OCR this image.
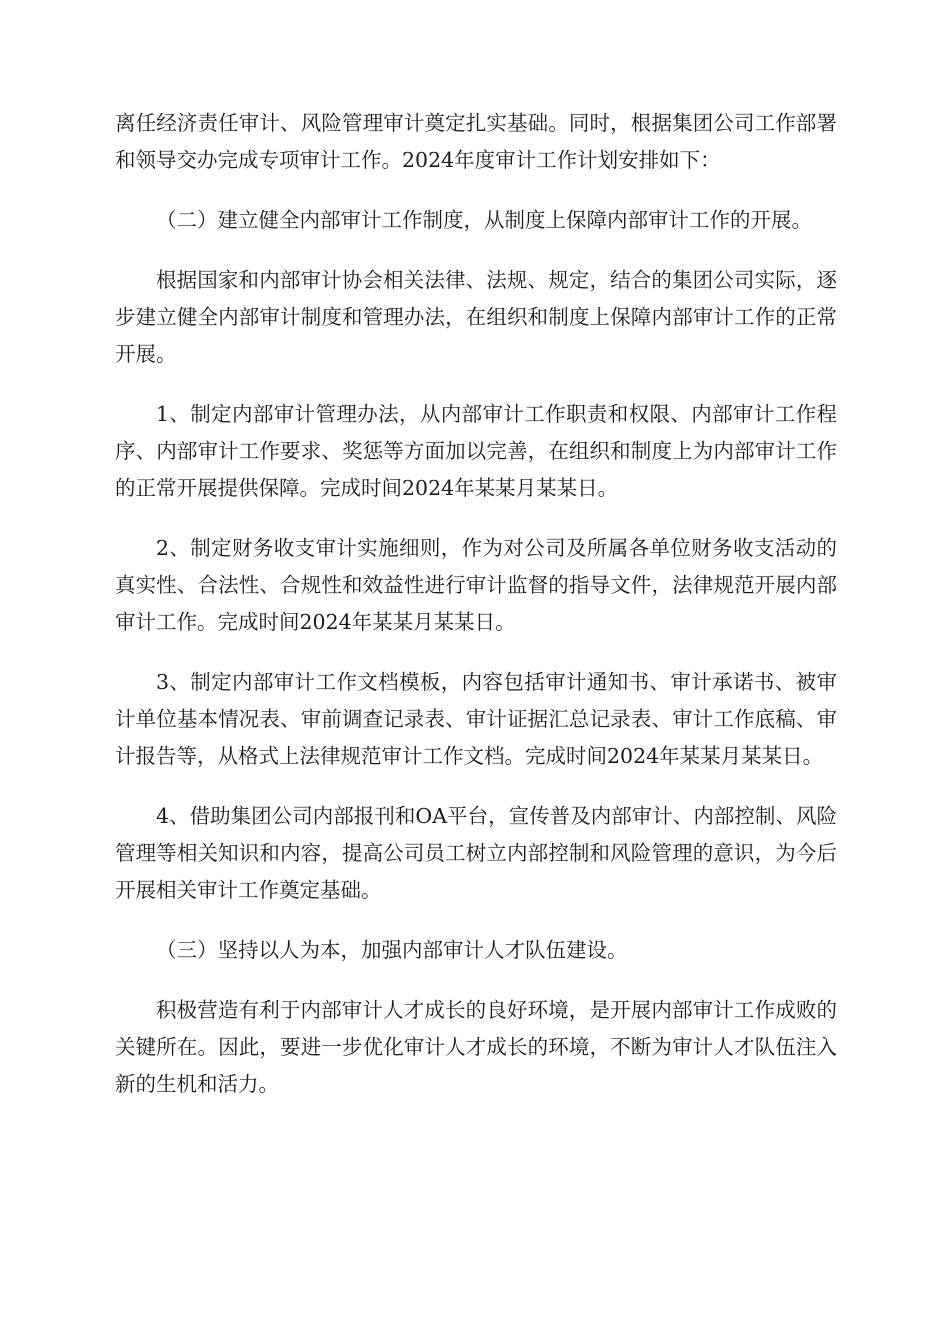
离任经济责任审计、风险管理审计奠定扎实基础。同时，根据集团公司工作部署和领导交办完成专项审计工作。2024年度审计工作计划安排如下：

（二）建立健全内部审计工作制度，从制度上保障内部审计工作的开展。

根据国家和内部审计协会相关法律、法规、规定，结合的集团公司实际，逐步建立健全内部审计制度和管理办法，在组织和制度上保障内部审计工作的正常开展。

1、制定内部审计管理办法，从内部审计工作职责和权限、内部审计工作程序、内部审计工作要求、奖惩等方面加以完善，在组织和制度上为内部审计工作的正常开展提供保障。完成时间2024年某某月某某日。

2、制定财务收支审计实施细则，作为对公司及所属各单位财务收支活动的真实性、合法性、合规性和效益性进行审计监督的指导文件，法律规范开展内部审计工作。完成时间2024年某某月某某日。

3、制定内部审计工作文档模板，内容包括审计通知书、审计承诺书、被审计单位基本情况表、审前调查记录表、审计证据汇总记录表、审计工作底稿、审计报告等，从格式上法律规范审计工作文档。完成时间2024年某某月某某日。

4、借助集团公司内部报刊和OA平台，宣传普及内部审计、内部控制、风险管理等相关知识和内容，提高公司员工树立内部控制和风险管理的意识，为今后开展相关审计工作奠定基础。

（三）坚持以人为本，加强内部审计人才队伍建设。

积极营造有利于内部审计人才成长的良好环境，是开展内部审计工作成败的关键所在。因此，要进一步优化审计人才成长的环境，不断为审计人才队伍注入新的生机和活力。
